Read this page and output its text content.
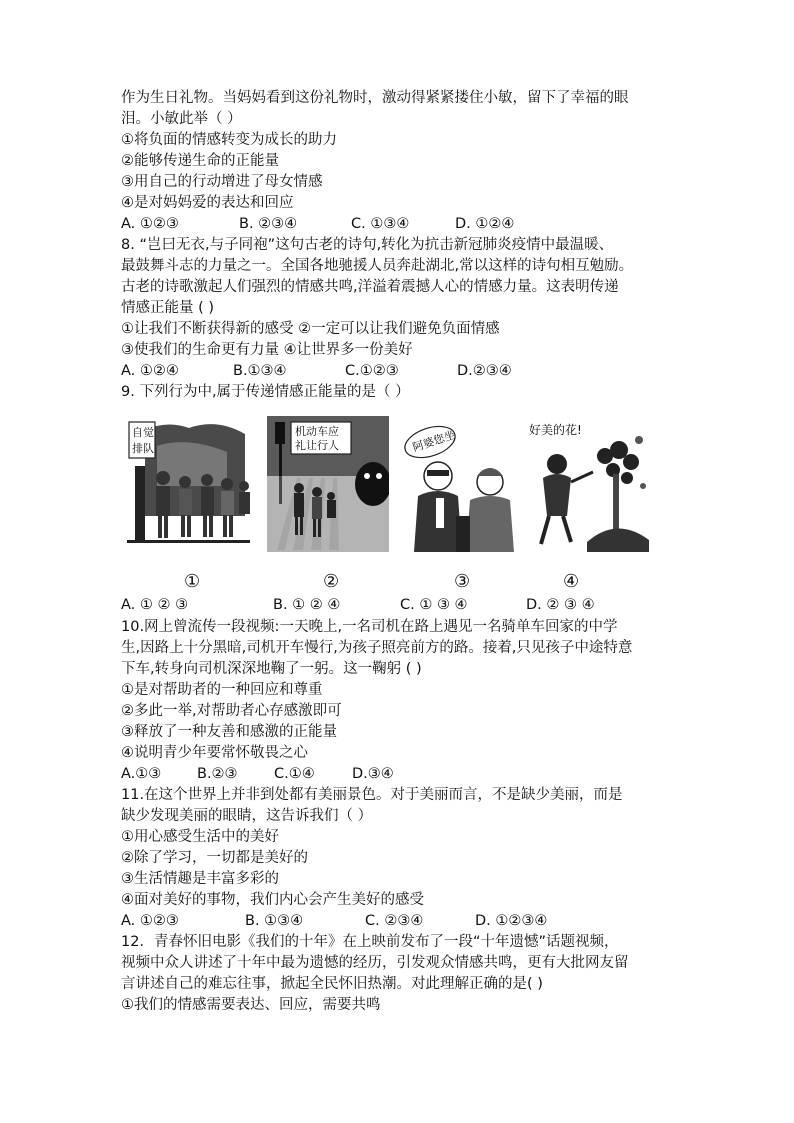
作为生日礼物。当妈妈看到这份礼物时，激动得紧紧搂住小敏，留下了幸福的眼
泪。小敏此举（ ）
①将负面的情感转变为成长的助力
②能够传递生命的正能量
③用自己的行动增进了母女情感
④是对妈妈爱的表达和回应
A. ①②③	B. ②③④	C. ①③④	D. ①②④
8. “岂曰无衣,与子同袍”这句古老的诗句,转化为抗击新冠肺炎疫情中最温暖、
最鼓舞斗志的力量之一。全国各地驰援人员奔赴湖北,常以这样的诗句相互勉励。
古老的诗歌激起人们强烈的情感共鸣,洋溢着震撼人心的情感力量。这表明传递
情感正能量 ( )
①让我们不断获得新的感受 ②一定可以让我们避免负面情感
③使我们的生命更有力量 ④让世界多一份美好
A. ①②④	B.①③④	C.①②③	D.②③④
9. 下列行为中,属于传递情感正能量的是（ ）
自觉
排队
机动车应
礼让行人	阿婆您坐	好美的花!
①	②	③	④
A. ① ② ③	B. ① ② ④	C. ① ③ ④	D. ② ③ ④
10.网上曾流传一段视频:一天晚上,一名司机在路上遇见一名骑单车回家的中学
生,因路上十分黑暗,司机开车慢行,为孩子照亮前方的路。接着,只见孩子中途特意
下车,转身向司机深深地鞠了一躬。这一鞠躬 ( )
①是对帮助者的一种回应和尊重
②多此一举,对帮助者心存感激即可
③释放了一种友善和感激的正能量
④说明青少年要常怀敬畏之心
A.①③	B.②③	C.①④	D.③④
11.在这个世界上并非到处都有美丽景色。对于美丽而言，不是缺少美丽，而是
缺少发现美丽的眼睛，这告诉我们（ ）
①用心感受生活中的美好
②除了学习，一切都是美好的
③生活情趣是丰富多彩的
④面对美好的事物，我们内心会产生美好的感受
A. ①②③	B. ①③④	C. ②③④	D. ①②③④
12．青春怀旧电影《我们的十年》在上映前发布了一段“十年遗憾”话题视频，
视频中众人讲述了十年中最为遗憾的经历，引发观众情感共鸣，更有大批网友留
言讲述自己的难忘往事，掀起全民怀旧热潮。对此理解正确的是( )
①我们的情感需要表达、回应，需要共鸣
